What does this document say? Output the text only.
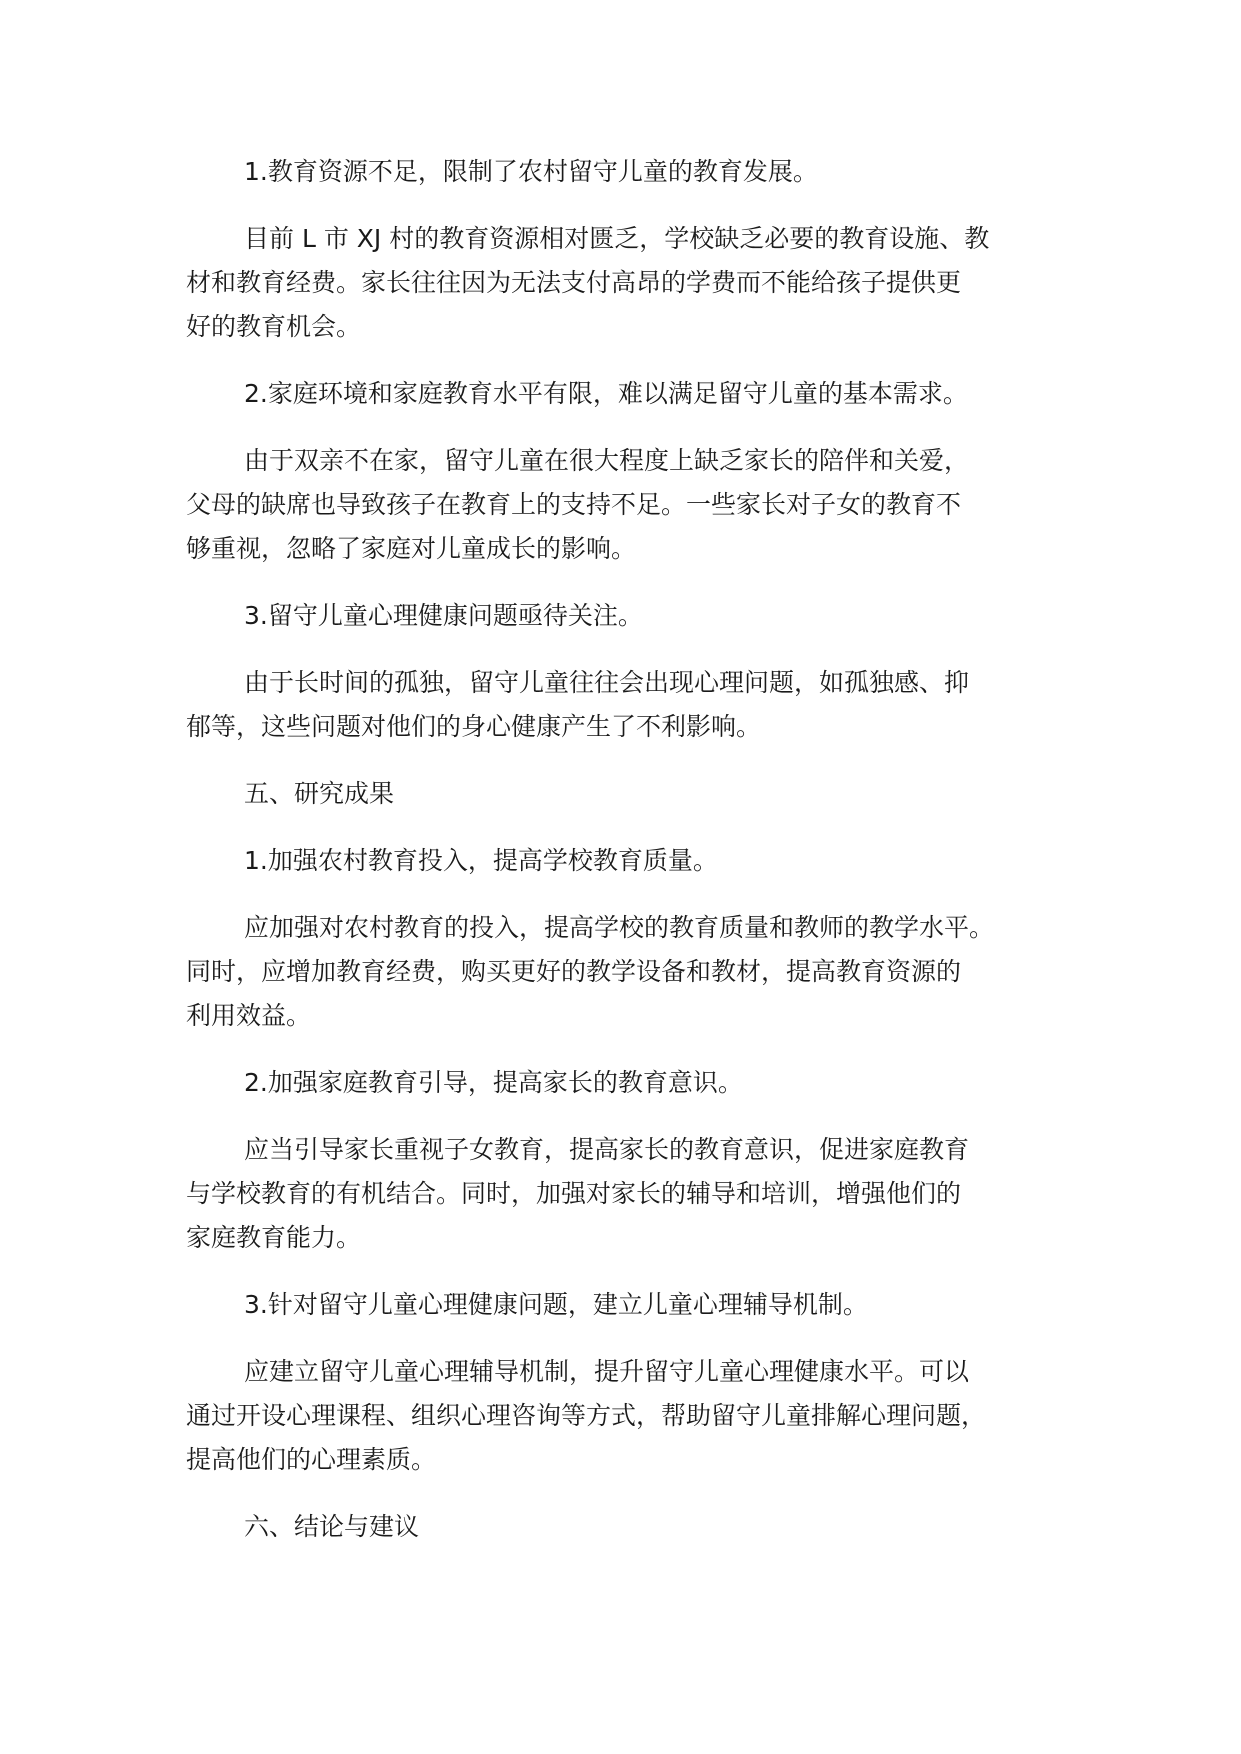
1.教育资源不足，限制了农村留守儿童的教育发展。
目前 L 市 XJ 村的教育资源相对匮乏，学校缺乏必要的教育设施、教
材和教育经费。家长往往因为无法支付高昂的学费而不能给孩子提供更
好的教育机会。
2.家庭环境和家庭教育水平有限，难以满足留守儿童的基本需求。
由于双亲不在家，留守儿童在很大程度上缺乏家长的陪伴和关爱，
父母的缺席也导致孩子在教育上的支持不足。一些家长对子女的教育不
够重视，忽略了家庭对儿童成长的影响。
3.留守儿童心理健康问题亟待关注。
由于长时间的孤独，留守儿童往往会出现心理问题，如孤独感、抑
郁等，这些问题对他们的身心健康产生了不利影响。
五、研究成果
1.加强农村教育投入，提高学校教育质量。
应加强对农村教育的投入，提高学校的教育质量和教师的教学水平。
同时，应增加教育经费，购买更好的教学设备和教材，提高教育资源的
利用效益。
2.加强家庭教育引导，提高家长的教育意识。
应当引导家长重视子女教育，提高家长的教育意识，促进家庭教育
与学校教育的有机结合。同时，加强对家长的辅导和培训，增强他们的
家庭教育能力。
3.针对留守儿童心理健康问题，建立儿童心理辅导机制。
应建立留守儿童心理辅导机制，提升留守儿童心理健康水平。可以
通过开设心理课程、组织心理咨询等方式，帮助留守儿童排解心理问题，
提高他们的心理素质。
六、结论与建议
